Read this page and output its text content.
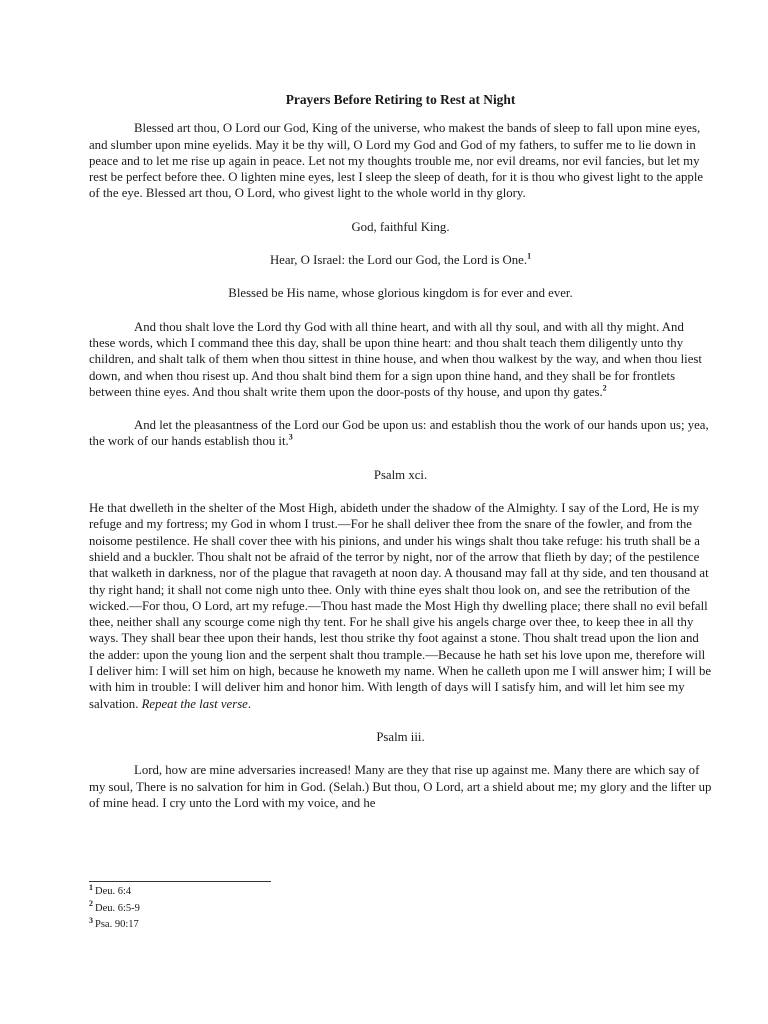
Prayers Before Retiring to Rest at Night

Blessed art thou, O Lord our God, King of the universe, who makest the bands of sleep to fall upon mine eyes, and slumber upon mine eyelids. May it be thy will, O Lord my God and God of my fathers, to suffer me to lie down in peace and to let me rise up again in peace. Let not my thoughts trouble me, nor evil dreams, nor evil fancies, but let my rest be perfect before thee. O lighten mine eyes, lest I sleep the sleep of death, for it is thou who givest light to the apple of the eye. Blessed art thou, O Lord, who givest light to the whole world in thy glory.

God, faithful King.

Hear, O Israel: the Lord our God, the Lord is One.$^1$

Blessed be His name, whose glorious kingdom is for ever and ever.

And thou shalt love the Lord thy God with all thine heart, and with all thy soul, and with all thy might. And these words, which I command thee this day, shall be upon thine heart: and thou shalt teach them diligently unto thy children, and shalt talk of them when thou sittest in thine house, and when thou walkest by the way, and when thou liest down, and when thou risest up. And thou shalt bind them for a sign upon thine hand, and they shall be for frontlets between thine eyes. And thou shalt write them upon the door-posts of thy house, and upon thy gates.$^2$

And let the pleasantness of the Lord our God be upon us: and establish thou the work of our hands upon us; yea, the work of our hands establish thou it.$^3$

Psalm xci.

He that dwelleth in the shelter of the Most High, abideth under the shadow of the Almighty. I say of the Lord, He is my refuge and my fortress; my God in whom I trust.—For he shall deliver thee from the snare of the fowler, and from the noisome pestilence. He shall cover thee with his pinions, and under his wings shalt thou take refuge: his truth shall be a shield and a buckler. Thou shalt not be afraid of the terror by night, nor of the arrow that flieth by day; of the pestilence that walketh in darkness, nor of the plague that ravageth at noon day. A thousand may fall at thy side, and ten thousand at thy right hand; it shall not come nigh unto thee. Only with thine eyes shalt thou look on, and see the retribution of the wicked.—For thou, O Lord, art my refuge.—Thou hast made the Most High thy dwelling place; there shall no evil befall thee, neither shall any scourge come nigh thy tent. For he shall give his angels charge over thee, to keep thee in all thy ways. They shall bear thee upon their hands, lest thou strike thy foot against a stone. Thou shalt tread upon the lion and the adder: upon the young lion and the serpent shalt thou trample.—Because he hath set his love upon me, therefore will I deliver him: I will set him on high, because he knoweth my name. When he calleth upon me I will answer him; I will be with him in trouble: I will deliver him and honor him. With length of days will I satisfy him, and will let him see my salvation. Repeat the last verse.

Psalm iii.

Lord, how are mine adversaries increased! Many are they that rise up against me. Many there are which say of my soul, There is no salvation for him in God. (Selah.) But thou, O Lord, art a shield about me; my glory and the lifter up of mine head. I cry unto the Lord with my voice, and he

$^1$ Deu. 6:4
$^2$ Deu. 6:5-9
$^3$ Psa. 90:17
